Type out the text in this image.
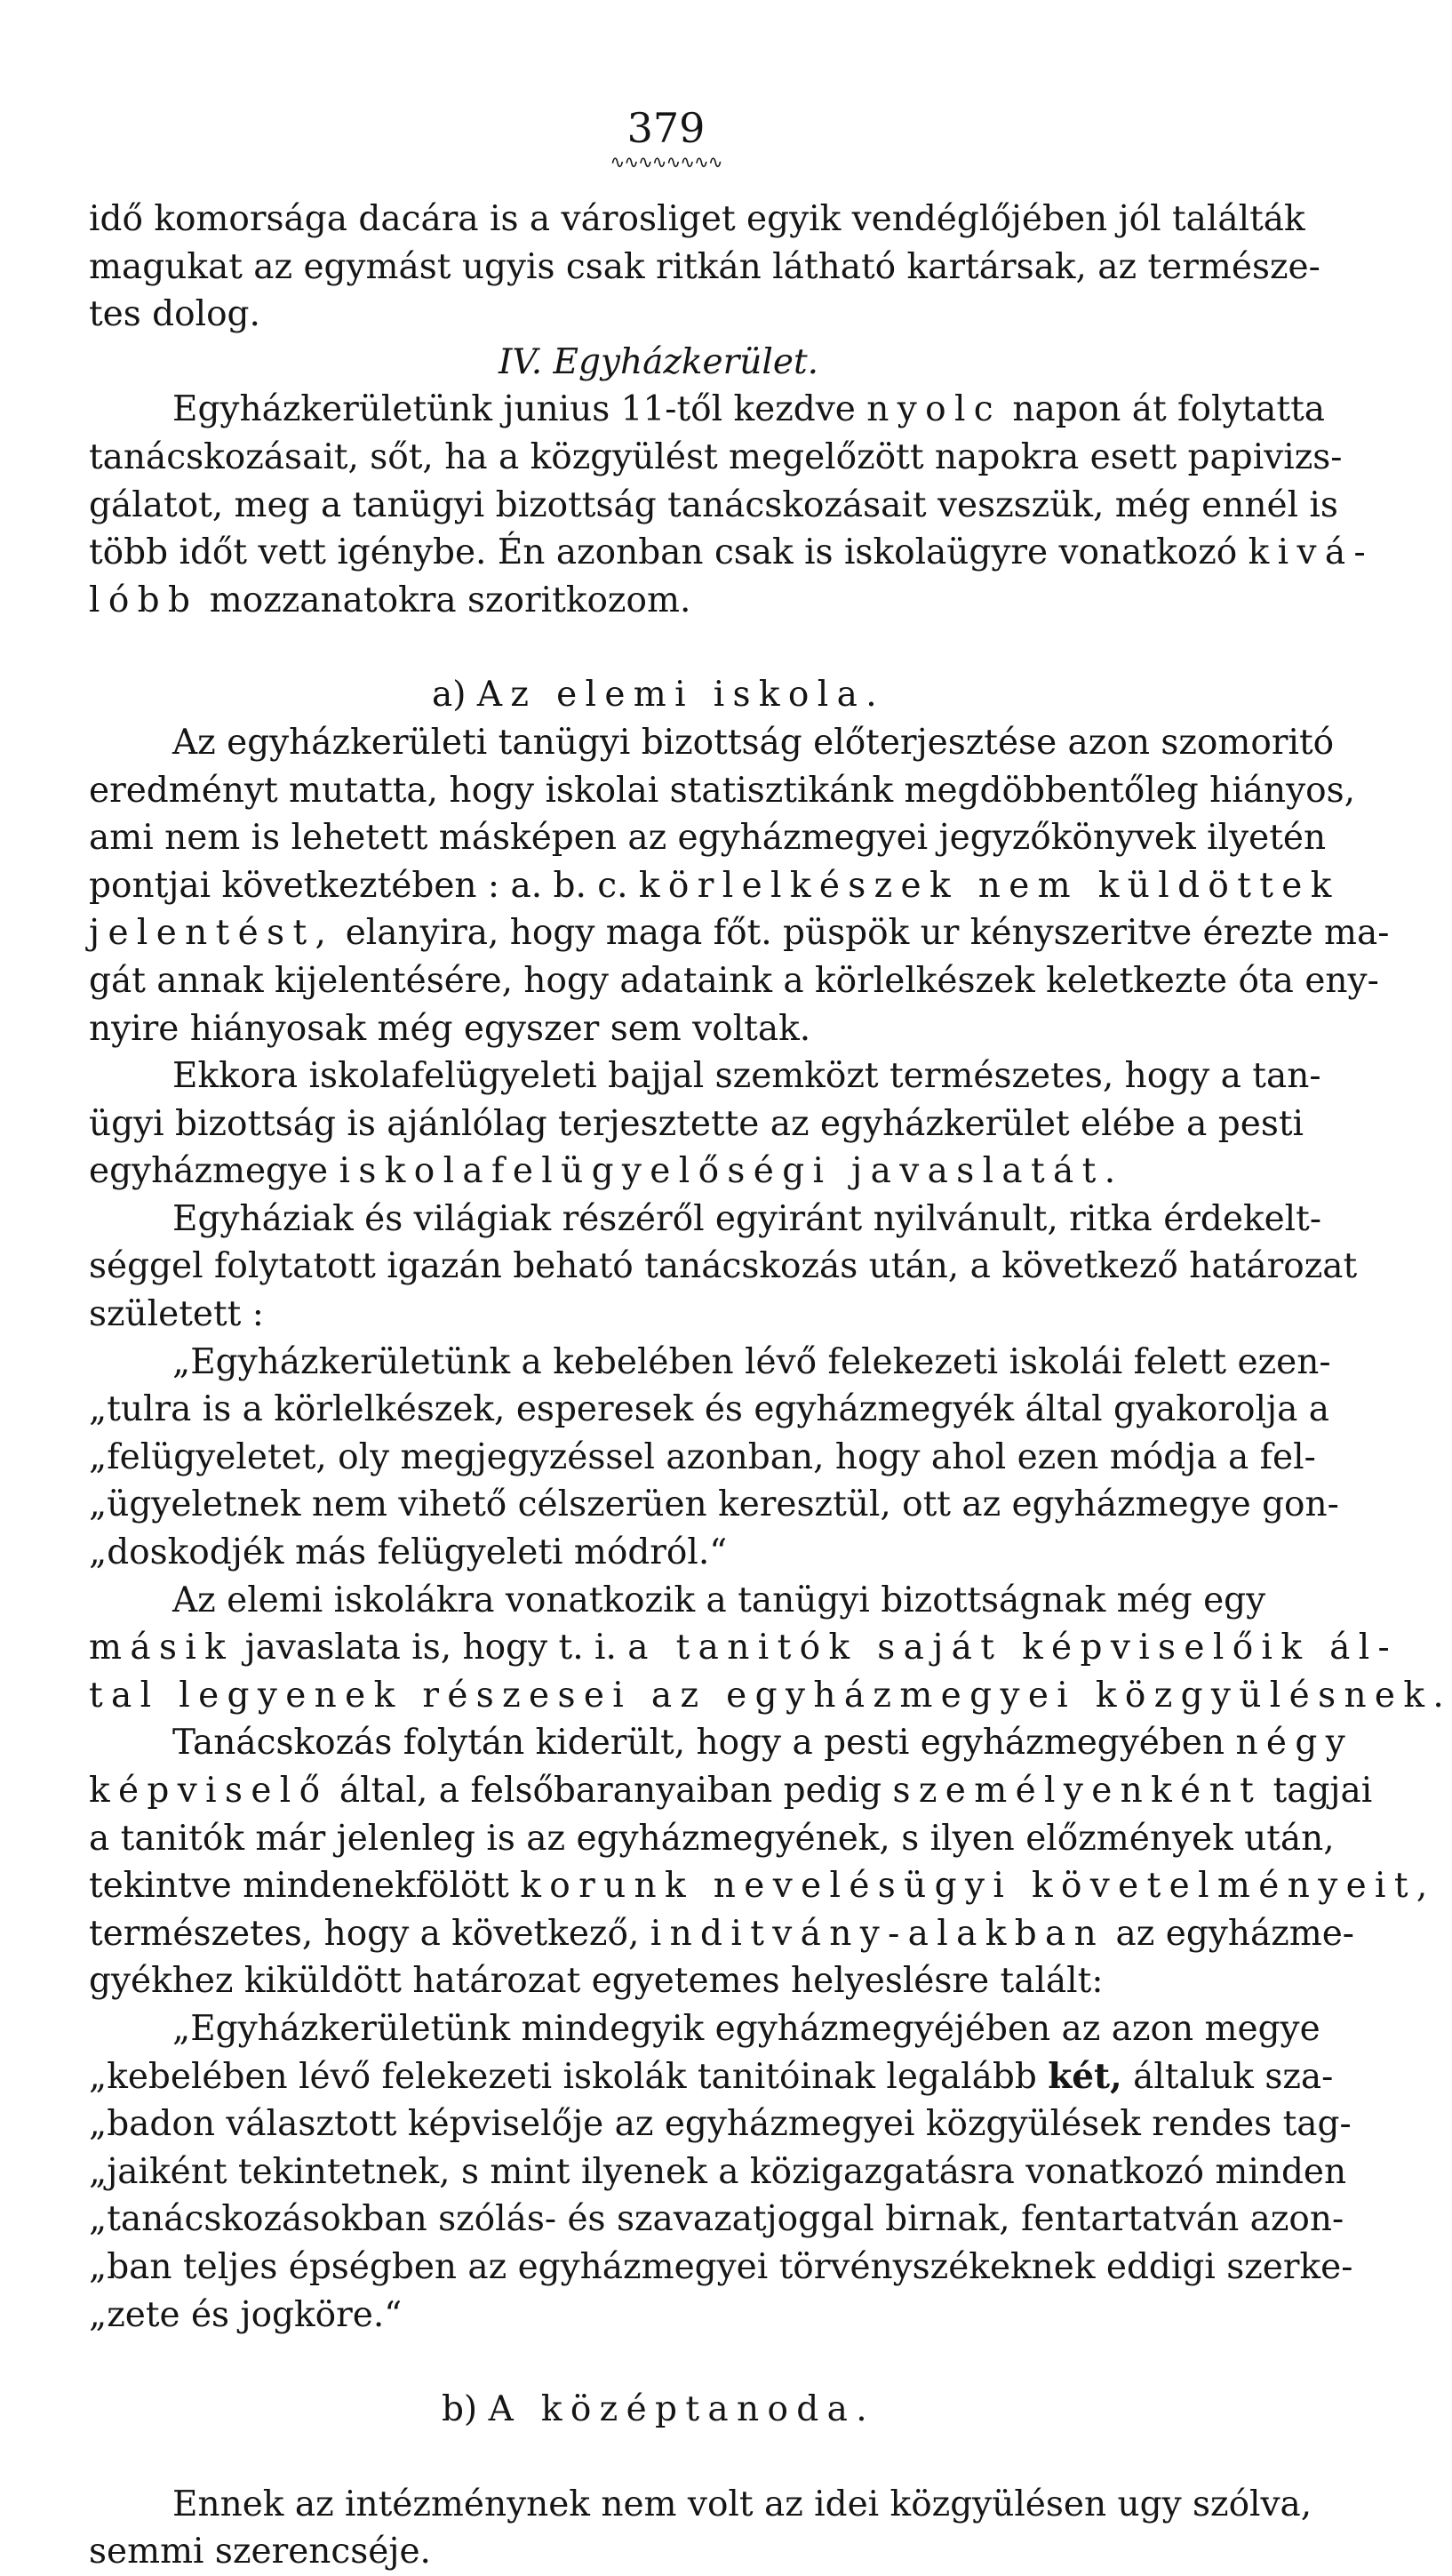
379
∿∿∿∿∿∿∿∿
idő komorsága dacára is a városliget egyik vendéglőjében jól találták
magukat az egymást ugyis csak ritkán látható kartársak, az természe-
tes dolog.
IV. Egyházkerület.
Egyházkerületünk junius 11-től kezdve nyolc napon át folytatta
tanácskozásait, sőt, ha a közgyülést megelőzött napokra esett papivizs-
gálatot, meg a tanügyi bizottság tanácskozásait veszszük, még ennél is
több időt vett igénybe. Én azonban csak is iskolaügyre vonatkozó kivá-
lóbb mozzanatokra szoritkozom.
a) Az elemi iskola.
Az egyházkerületi tanügyi bizottság előterjesztése azon szomoritó
eredményt mutatta, hogy iskolai statisztikánk megdöbbentőleg hiányos,
ami nem is lehetett másképen az egyházmegyei jegyzőkönyvek ilyetén
pontjai következtében : a. b. c. körlelkészek nem küldöttek
jelentést, elanyira, hogy maga főt. püspök ur kényszeritve érezte ma-
gát annak kijelentésére, hogy adataink a körlelkészek keletkezte óta eny-
nyire hiányosak még egyszer sem voltak.
Ekkora iskolafelügyeleti bajjal szemközt természetes, hogy a tan-
ügyi bizottság is ajánlólag terjesztette az egyházkerület elébe a pesti
egyházmegye iskolafelügyelőségi javaslatát.
Egyháziak és világiak részéről egyiránt nyilvánult, ritka érdekelt-
séggel folytatott igazán beható tanácskozás után, a következő határozat
született :
„Egyházkerületünk a kebelében lévő felekezeti iskolái felett ezen-
„tulra is a körlelkészek, esperesek és egyházmegyék által gyakorolja a
„felügyeletet, oly megjegyzéssel azonban, hogy ahol ezen módja a fel-
„ügyeletnek nem vihető célszerüen keresztül, ott az egyházmegye gon-
„doskodjék más felügyeleti módról.“
Az elemi iskolákra vonatkozik a tanügyi bizottságnak még egy
másik javaslata is, hogy t. i. a tanitók saját képviselőik ál-
tal legyenek részesei az egyházmegyei közgyülésnek.
Tanácskozás folytán kiderült, hogy a pesti egyházmegyében négy
képviselő által, a felsőbaranyaiban pedig személyenként tagjai
a tanitók már jelenleg is az egyházmegyének, s ilyen előzmények után,
tekintve mindenekfölött korunk nevelésügyi követelményeit,
természetes, hogy a következő, inditvány-alakban az egyházme-
gyékhez kiküldött határozat egyetemes helyeslésre talált:
„Egyházkerületünk mindegyik egyházmegyéjében az azon megye
„kebelében lévő felekezeti iskolák tanitóinak legalább két, általuk sza-
„badon választott képviselője az egyházmegyei közgyülések rendes tag-
„jaiként tekintetnek, s mint ilyenek a közigazgatásra vonatkozó minden
„tanácskozásokban szólás- és szavazatjoggal birnak, fentartatván azon-
„ban teljes épségben az egyházmegyei törvényszékeknek eddigi szerke-
„zete és jogköre.“
b) A középtanoda.
Ennek az intézménynek nem volt az idei közgyülésen ugy szólva,
semmi szerencséje.
